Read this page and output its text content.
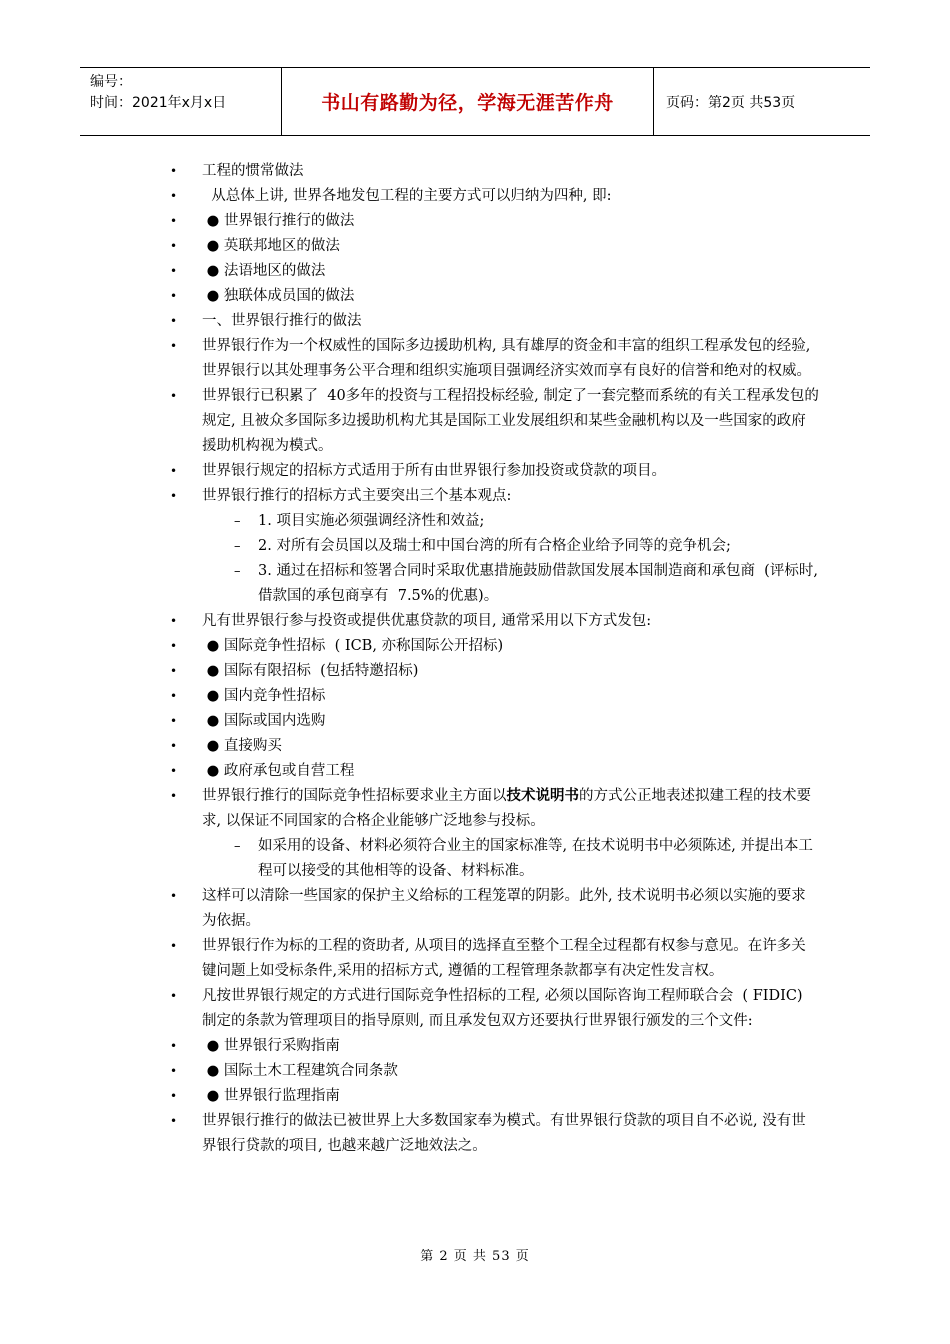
编号：
时间：2021年x月x日	书山有路勤为径，学海无涯苦作舟	页码：第2页 共53页
•	工程的惯常做法
•	从总体上讲, 世界各地发包工程的主要方式可以归纳为四种, 即:
•	● 世界银行推行的做法
•	● 英联邦地区的做法
•	● 法语地区的做法
•	● 独联体成员国的做法
•	一、世界银行推行的做法
•	世界银行作为一个权威性的国际多边援助机构, 具有雄厚的资金和丰富的组织工程承发包的经验, 世界银行以其处理事务公平合理和组织实施项目强调经济实效而享有良好的信誉和绝对的权威。
•	世界银行已积累了  40多年的投资与工程招投标经验, 制定了一套完整而系统的有关工程承发包的规定, 且被众多国际多边援助机构尤其是国际工业发展组织和某些金融机构以及一些国家的政府援助机构视为模式。
•	世界银行规定的招标方式适用于所有由世界银行参加投资或贷款的项目。
•	世界银行推行的招标方式主要突出三个基本观点:
–	1. 项目实施必须强调经济性和效益;
–	2. 对所有会员国以及瑞士和中国台湾的所有合格企业给予同等的竞争机会;
–	3. 通过在招标和签署合同时采取优惠措施鼓励借款国发展本国制造商和承包商  (评标时, 借款国的承包商享有  7.5%的优惠)。
•	凡有世界银行参与投资或提供优惠贷款的项目, 通常采用以下方式发包:
•	● 国际竞争性招标  ( ICB, 亦称国际公开招标)
•	● 国际有限招标  (包括特邀招标)
•	● 国内竞争性招标
•	● 国际或国内选购
•	● 直接购买
•	● 政府承包或自营工程
•	世界银行推行的国际竞争性招标要求业主方面以技术说明书的方式公正地表述拟建工程的技术要求, 以保证不同国家的合格企业能够广泛地参与投标。
–	如采用的设备、材料必须符合业主的国家标准等, 在技术说明书中必须陈述, 并提出本工程可以接受的其他相等的设备、材料标准。
•	这样可以清除一些国家的保护主义给标的工程笼罩的阴影。此外, 技术说明书必须以实施的要求为依据。
•	世界银行作为标的工程的资助者, 从项目的选择直至整个工程全过程都有权参与意见。在许多关键问题上如受标条件,采用的招标方式, 遵循的工程管理条款都享有决定性发言权。
•	凡按世界银行规定的方式进行国际竞争性招标的工程, 必须以国际咨询工程师联合会  ( FIDIC) 制定的条款为管理项目的指导原则, 而且承发包双方还要执行世界银行颁发的三个文件:
•	● 世界银行采购指南
•	● 国际土木工程建筑合同条款
•	● 世界银行监理指南
•	世界银行推行的做法已被世界上大多数国家奉为模式。有世界银行贷款的项目自不必说, 没有世界银行贷款的项目, 也越来越广泛地效法之。
第 2 页 共 53 页
